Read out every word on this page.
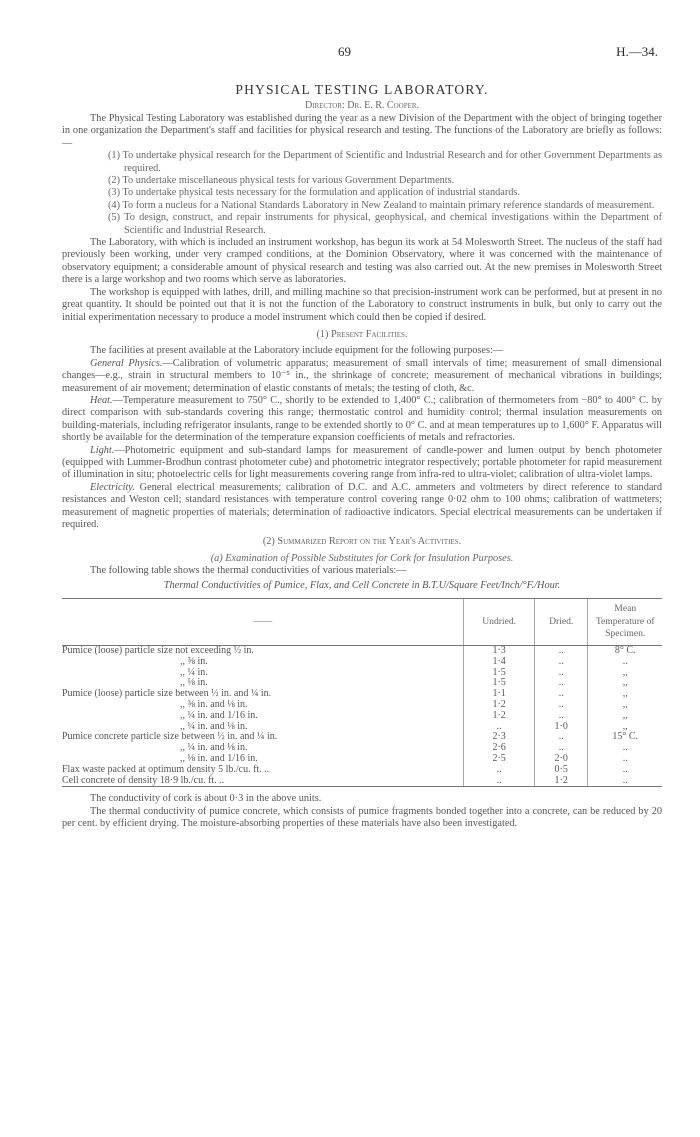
69	H.—34.
PHYSICAL TESTING LABORATORY.
Director: Dr. E. R. Cooper.

The Physical Testing Laboratory was established during the year as a new Division of the Department with the object of bringing together in one organization the Department's staff and facilities for physical research and testing. The functions of the Laboratory are briefly as follows:—

(1) To undertake physical research for the Department of Scientific and Industrial Research and for other Government Departments as required.
(2) To undertake miscellaneous physical tests for various Government Departments.
(3) To undertake physical tests necessary for the formulation and application of industrial standards.
(4) To form a nucleus for a National Standards Laboratory in New Zealand to maintain primary reference standards of measurement.
(5) To design, construct, and repair instruments for physical, geophysical, and chemical investigations within the Department of Scientific and Industrial Research.

The Laboratory, with which is included an instrument workshop, has begun its work at 54 Molesworth Street. The nucleus of the staff had previously been working, under very cramped conditions, at the Dominion Observatory, where it was concerned with the maintenance of observatory equipment; a considerable amount of physical research and testing was also carried out. At the new premises in Molesworth Street there is a large workshop and two rooms which serve as laboratories.

The workshop is equipped with lathes, drill, and milling machine so that precision-instrument work can be performed, but at present in no great quantity. It should be pointed out that it is not the function of the Laboratory to construct instruments in bulk, but only to carry out the initial experimentation necessary to produce a model instrument which could then be copied if desired.

(1) Present Facilities.

The facilities at present available at the Laboratory include equipment for the following purposes:—

General Physics.—Calibration of volumetric apparatus; measurement of small intervals of time; measurement of small dimensional changes—e.g., strain in structural members to 10⁻⁵ in., the shrinkage of concrete; measurement of mechanical vibrations in buildings; measurement of air movement; determination of elastic constants of metals; the testing of cloth, &c.

Heat.—Temperature measurement to 750° C., shortly to be extended to 1,400° C.; calibration of thermometers from −80° to 400° C. by direct comparison with sub-standards covering this range; thermostatic control and humidity control; thermal insulation measurements on building-materials, including refrigerator insulants, range to be extended shortly to 0° C. and at mean temperatures up to 1,600° F. Apparatus will shortly be available for the determination of the temperature expansion coefficients of metals and refractories.

Light.—Photometric equipment and sub-standard lamps for measurement of candle-power and lumen output by bench photometer (equipped with Lummer-Brodhun contrast photometer cube) and photometric integrator respectively; portable photometer for rapid measurement of illumination in situ; photoelectric cells for light measurements covering range from infra-red to ultra-violet; calibration of ultra-violet lamps.

Electricity. General electrical measurements; calibration of D.C. and A.C. ammeters and voltmeters by direct reference to standard resistances and Weston cell; standard resistances with temperature control covering range 0·02 ohm to 100 ohms; calibration of wattmeters; measurement of magnetic properties of materials; determination of radioactive indicators. Special electrical measurements can be undertaken if required.

(2) Summarized Report on the Year's Activities.
(a) Examination of Possible Substitutes for Cork for Insulation Purposes.

The following table shows the thermal conductivities of various materials:—

Thermal Conductivities of Pumice, Flax, and Cell Concrete in B.T.U/Square Feet/Inch/°F./Hour.
——	Undried.	Dried.	Mean Temperature of Specimen.
Pumice (loose) particle size not exceeding ½ in.	1·3	..	8° C.
,, ⅜ in.	1·4	..	..
,, ¼ in.	1·5	..	,,
,, ⅛ in.	1·5	..	,,
Pumice (loose) particle size between ½ in. and ¼ in.	1·1	..	,,
,, ⅜ in. and ⅛ in.	1·2	..	,,
,, ¼ in. and 1/16 in.	1·2	..	,,
,, ¼ in. and ⅛ in.	..	1·0	,,
Pumice concrete particle size between ½ in. and ¼ in.	2·3	..	15° C.
,, ¼ in. and ⅛ in.	2·6	..	..
,, ⅛ in. and 1/16 in.	2·5	2·0	..
Flax waste packed at optimum density 5 lb./cu. ft. ..	..	0·5	..
Cell concrete of density 18·9 lb./cu. ft. ..	..	1·2	..

The conductivity of cork is about 0·3 in the above units.

The thermal conductivity of pumice concrete, which consists of pumice fragments bonded together into a concrete, can be reduced by 20 per cent. by efficient drying. The moisture-absorbing properties of these materials have also been investigated.
